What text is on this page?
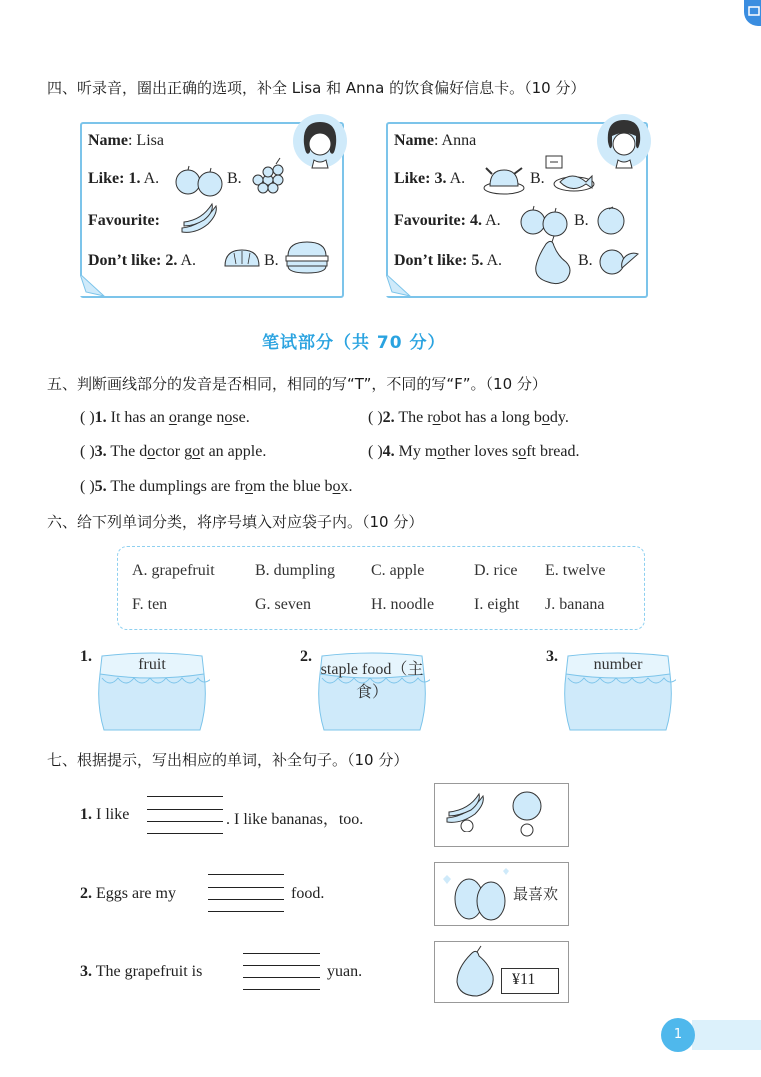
四、听录音，圈出正确的选项，补全 Lisa 和 Anna 的饮食偏好信息卡。（10 分）
Name: Lisa
Like: 1. A.	B.
Favourite:
Don’t like: 2. A.	B.
Name: Anna
Like: 3. A.	B.
Favourite: 4. A.	B.
Don’t like: 5. A.	B.
笔试部分（共 70 分）
五、判断画线部分的发音是否相同，相同的写“T”，不同的写“F”。（10 分）
( )1. It has an orange nose.	( )2. The robot has a long body.
( )3. The doctor got an apple.	( )4. My mother loves soft bread.
( )5. The dumplings are from the blue box.
六、给下列单词分类，将序号填入对应袋子内。（10 分）
A. grapefruit	B. dumpling C. apple	D. rice E. twelve
F. ten	G. seven	H. noodle I. eight J. banana
1.	fruit	2.
staple food（主食）
3.	number
七、根据提示，写出相应的单词，补全句子。（10 分）
1. I like	. I like bananas，too.
2. Eggs are my	food.	最喜欢
3. The grapefruit is	yuan.	¥11
1
